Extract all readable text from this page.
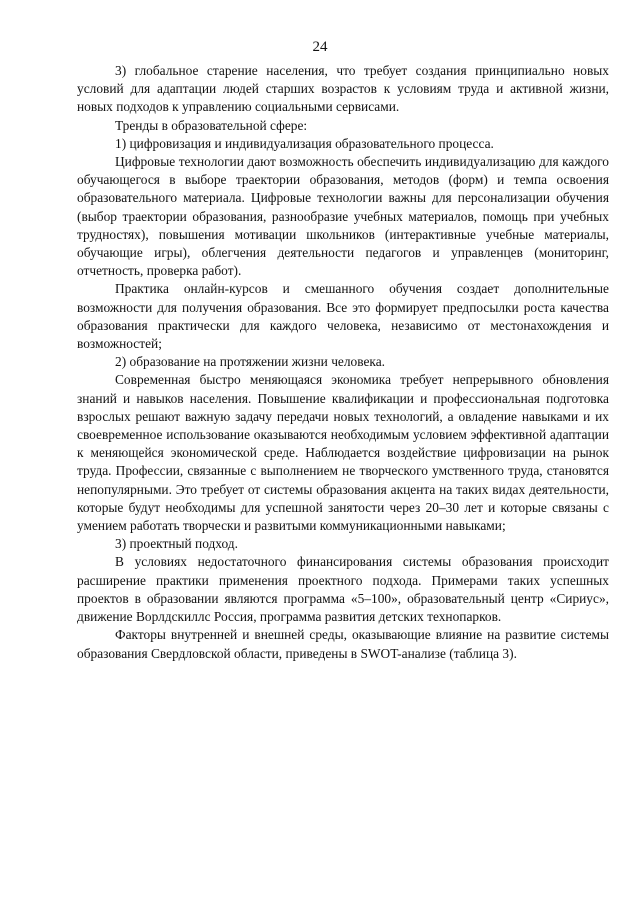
24

3) глобальное старение населения, что требует создания принципиально новых условий для адаптации людей старших возрастов к условиям труда и активной жизни, новых подходов к управлению социальными сервисами.

Тренды в образовательной сфере:

1) цифровизация и индивидуализация образовательного процесса.

Цифровые технологии дают возможность обеспечить индивидуализацию для каждого обучающегося в выборе траектории образования, методов (форм) и темпа освоения образовательного материала. Цифровые технологии важны для персонализации обучения (выбор траектории образования, разнообразие учебных материалов, помощь при учебных трудностях), повышения мотивации школьников (интерактивные учебные материалы, обучающие игры), облегчения деятельности педагогов и управленцев (мониторинг, отчетность, проверка работ).

Практика онлайн-курсов и смешанного обучения создает дополнительные возможности для получения образования. Все это формирует предпосылки роста качества образования практически для каждого человека, независимо от местонахождения и возможностей;

2) образование на протяжении жизни человека.

Современная быстро меняющаяся экономика требует непрерывного обновления знаний и навыков населения. Повышение квалификации и профессиональная подготовка взрослых решают важную задачу передачи новых технологий, а овладение навыками и их своевременное использование оказываются необходимым условием эффективной адаптации к меняющейся экономической среде. Наблюдается воздействие цифровизации на рынок труда. Профессии, связанные с выполнением не творческого умственного труда, становятся непопулярными. Это требует от системы образования акцента на таких видах деятельности, которые будут необходимы для успешной занятости через 20–30 лет и которые связаны с умением работать творчески и развитыми коммуникационными навыками;

3) проектный подход.

В условиях недостаточного финансирования системы образования происходит расширение практики применения проектного подхода. Примерами таких успешных проектов в образовании являются программа «5–100», образовательный центр «Сириус», движение Ворлдскиллс Россия, программа развития детских технопарков.

Факторы внутренней и внешней среды, оказывающие влияние на развитие системы образования Свердловской области, приведены в SWOT-анализе (таблица 3).
